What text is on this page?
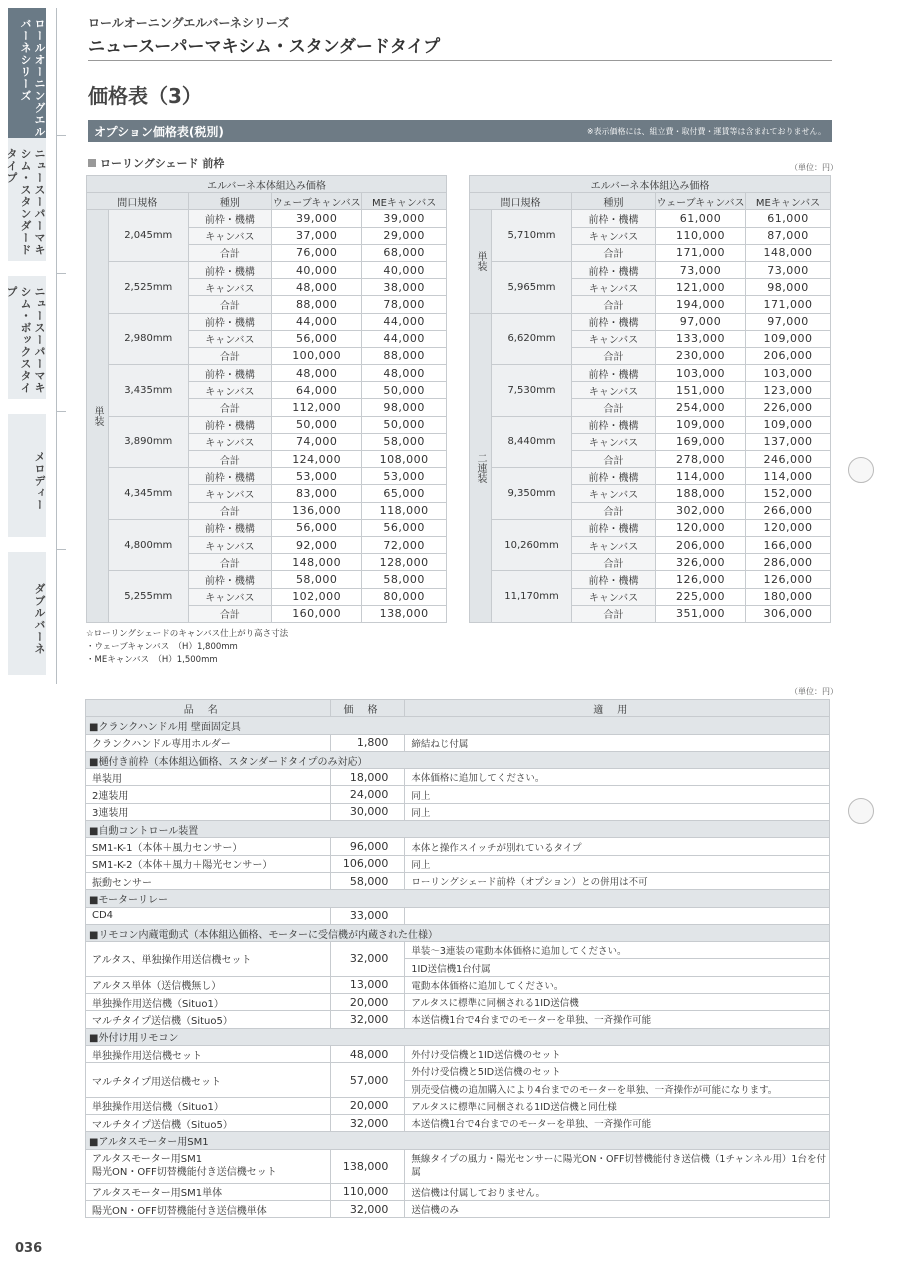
ロールオーニングエルバーネシリーズ
ニュースーパーマキシム・スタンダードタイプ
ニュースーパーマキシム・ボックスタイプ
メロディー
ダブルバーネ
ロールオーニングエルバーネシリーズ
ニュースーパーマキシム・スタンダードタイプ
価格表（3）
オプション価格表(税別)	※表示価格には、組立費・取付費・運賃等は含まれておりません。
ローリングシェード 前枠	（単位：円）
エルバーネ本体組込み価格				
間口規格		種別	ウェーブキャンバス	MEキャンバス
単装	2,045mm	前枠・機構	39,000	39,000
		キャンバス	37,000	29,000
		合計	76,000	68,000
	2,525mm	前枠・機構	40,000	40,000
		キャンバス	48,000	38,000
		合計	88,000	78,000
	2,980mm	前枠・機構	44,000	44,000
		キャンバス	56,000	44,000
		合計	100,000	88,000
	3,435mm	前枠・機構	48,000	48,000
		キャンバス	64,000	50,000
		合計	112,000	98,000
	3,890mm	前枠・機構	50,000	50,000
		キャンバス	74,000	58,000
		合計	124,000	108,000
	4,345mm	前枠・機構	53,000	53,000
		キャンバス	83,000	65,000
		合計	136,000	118,000
	4,800mm	前枠・機構	56,000	56,000
		キャンバス	92,000	72,000
		合計	148,000	128,000
	5,255mm	前枠・機構	58,000	58,000
		キャンバス	102,000	80,000
		合計	160,000	138,000
エルバーネ本体組込み価格				
間口規格		種別	ウェーブキャンバス	MEキャンバス
単装	5,710mm	前枠・機構	61,000	61,000
		キャンバス	110,000	87,000
		合計	171,000	148,000
	5,965mm	前枠・機構	73,000	73,000
		キャンバス	121,000	98,000
		合計	194,000	171,000
二連装	6,620mm	前枠・機構	97,000	97,000
		キャンバス	133,000	109,000
		合計	230,000	206,000
	7,530mm	前枠・機構	103,000	103,000
		キャンバス	151,000	123,000
		合計	254,000	226,000
	8,440mm	前枠・機構	109,000	109,000
		キャンバス	169,000	137,000
		合計	278,000	246,000
	9,350mm	前枠・機構	114,000	114,000
		キャンバス	188,000	152,000
		合計	302,000	266,000
	10,260mm	前枠・機構	120,000	120,000
		キャンバス	206,000	166,000
		合計	326,000	286,000
	11,170mm	前枠・機構	126,000	126,000
		キャンバス	225,000	180,000
		合計	351,000	306,000
☆ローリングシェードのキャンバス仕上がり高さ寸法
・ウェーブキャンバス　（H）1,800mm
・MEキャンバス　（H）1,500mm
（単位：円）
品名	価格	適用
■クランクハンドル用 壁面固定具		
クランクハンドル専用ホルダー	1,800	締結ねじ付属
■樋付き前枠（本体組込価格、スタンダードタイプのみ対応）		
単装用	18,000	本体価格に追加してください。
2連装用	24,000	同上
3連装用	30,000	同上
■自動コントロール装置		
SM1-K-1（本体＋風力センサー）	96,000	本体と操作スイッチが別れているタイプ
SM1-K-2（本体＋風力＋陽光センサー）	106,000	同上
振動センサー	58,000	ローリングシェード前枠（オプション）との併用は不可
■モーターリレー		
CD4	33,000	
■リモコン内蔵電動式（本体組込価格、モーターに受信機が内蔵された仕様）		
アルタス、単独操作用送信機セット	32,000	単装～3連装の電動本体価格に追加してください。
		1ID送信機1台付属
アルタス単体（送信機無し）	13,000	電動本体価格に追加してください。
単独操作用送信機（Situo1）	20,000	アルタスに標準に同梱される1ID送信機
マルチタイプ送信機（Situo5）	32,000	本送信機1台で4台までのモーターを単独、一斉操作可能
■外付け用リモコン		
単独操作用送信機セット	48,000	外付け受信機と1ID送信機のセット
マルチタイプ用送信機セット	57,000	外付け受信機と5ID送信機のセット
		別売受信機の追加購入により4台までのモーターを単独、一斉操作が可能になります。
単独操作用送信機（Situo1）	20,000	アルタスに標準に同梱される1ID送信機と同仕様
マルチタイプ送信機（Situo5）	32,000	本送信機1台で4台までのモーターを単独、一斉操作可能
■アルタスモーター用SM1		
アルタスモーター用SM1
陽光ON・OFF切替機能付き送信機セット	138,000	無線タイプの風力・陽光センサーに陽光ON・OFF切替機能付き送信機（1チャンネル用）1台を付属
アルタスモーター用SM1単体	110,000	送信機は付属しておりません。
陽光ON・OFF切替機能付き送信機単体	32,000	送信機のみ
036
